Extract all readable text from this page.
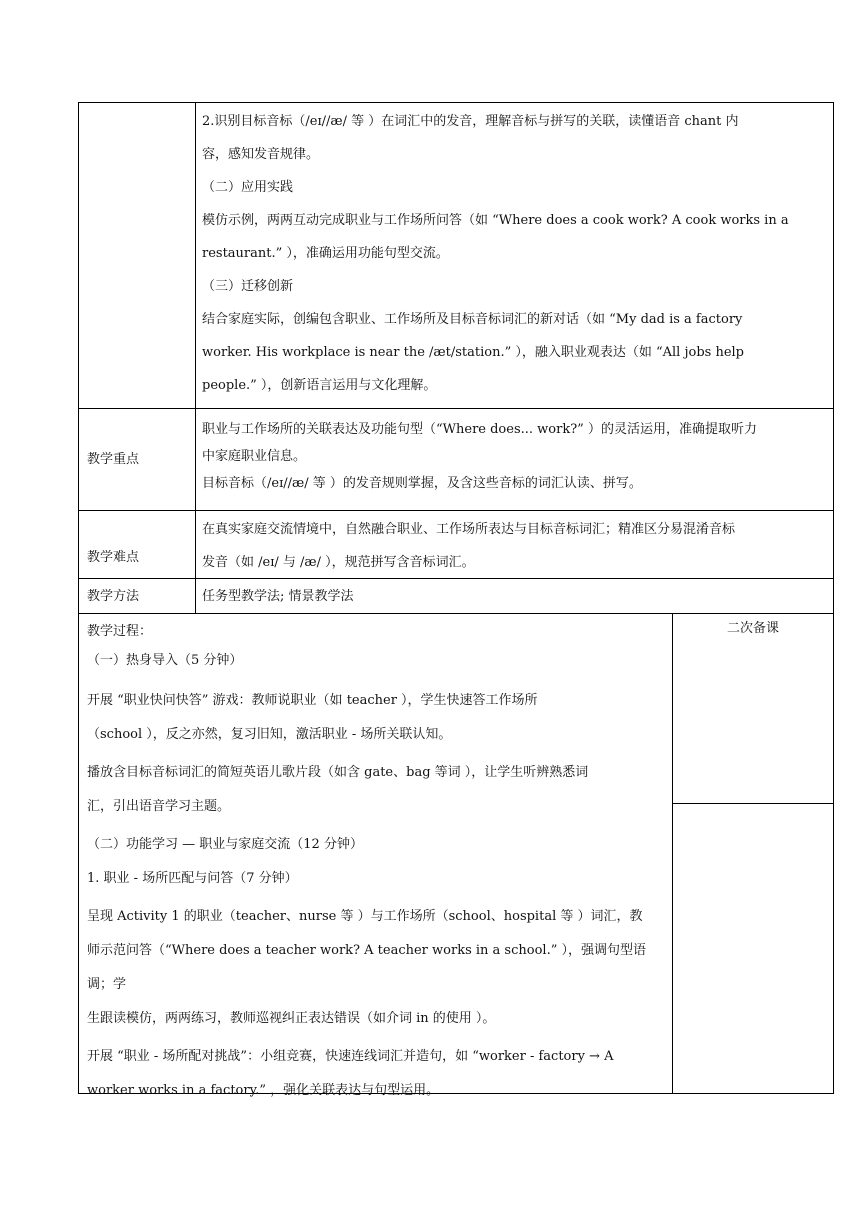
2.识别目标音标（/eɪ//æ/ 等 ）在词汇中的发音，理解音标与拼写的关联，读懂语音 chant 内
容，感知发音规律。
（二）应用实践
模仿示例，两两互动完成职业与工作场所问答（如 “Where does a cook work? A cook works in a
restaurant.” ），准确运用功能句型交流。
（三）迁移创新
结合家庭实际，创编包含职业、工作场所及目标音标词汇的新对话（如 “My dad is a factory
worker. His workplace is near the /æt/station.” ），融入职业观表达（如 “All jobs help
people.” ），创新语言运用与文化理解。
教学重点
职业与工作场所的关联表达及功能句型（“Where does... work?” ）的灵活运用，准确提取听力
中家庭职业信息。
目标音标（/eɪ//æ/ 等 ）的发音规则掌握，及含这些音标的词汇认读、拼写。
教学难点
在真实家庭交流情境中，自然融合职业、工作场所表达与目标音标词汇；精准区分易混淆音标
发音（如 /eɪ/ 与 /æ/ ），规范拼写含音标词汇。
教学方法	任务型教学法; 情景教学法
教学过程：
（一）热身导入（5 分钟）
开展 “职业快问快答” 游戏：教师说职业（如 teacher ），学生快速答工作场所
（school ），反之亦然，复习旧知，激活职业 - 场所关联认知。
播放含目标音标词汇的简短英语儿歌片段（如含 gate、bag 等词 ），让学生听辨熟悉词
汇，引出语音学习主题。
（二）功能学习 — 职业与家庭交流（12 分钟）
1. 职业 - 场所匹配与问答（7 分钟）
呈现 Activity 1 的职业（teacher、nurse 等 ）与工作场所（school、hospital 等 ）词汇，教
师示范问答（“Where does a teacher work? A teacher works in a school.” ），强调句型语调；学
生跟读模仿，两两练习，教师巡视纠正表达错误（如介词 in 的使用 ）。
开展 “职业 - 场所配对挑战”：小组竞赛，快速连线词汇并造句，如 “worker - factory → A
worker works in a factory.” ，强化关联表达与句型运用。
二次备课
